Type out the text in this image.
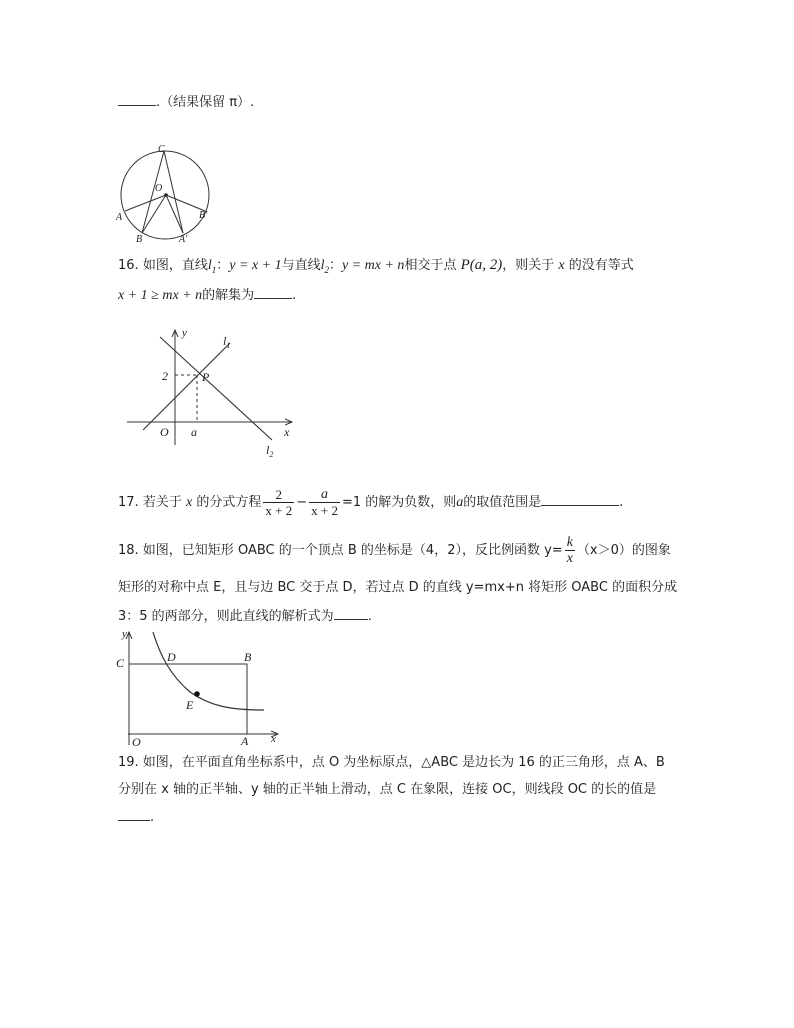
.（结果保留 π）.
C
O
A
B	A′
B′
16. 如图，直线$l_1$：y = x + 1与直线$l_2$：y = mx + n相交于点 P(a, 2)，则关于 x 的没有等式
x + 1 ≥ mx + n的解集为	.
y
$l_1$
2	P
O a	x
$l_2$
17. 若关于 x 的分式方程 $\frac{2}{x + 2} - \frac{a}{x + 2} =1$ 的解为负数，则a的取值范围是	.
18. 如图，已知矩形 OABC 的一个顶点 B 的坐标是（4，2），反比例函数 $y= \frac{k}{x} (x>0)$的图象
矩形的对称中点 E，且与边 BC 交于点 D，若过点 D 的直线 y=mx+n 将矩形 OABC 的面积分成
3：5 的两部分，则此直线的解析式为	.
y
C	D	B
E
O	A x
19. 如图，在平面直角坐标系中，点 O 为坐标原点，△ABC 是边长为 16 的正三角形，点 A、B
分别在 x 轴的正半轴、y 轴的正半轴上滑动，点 C 在象限，连接 OC，则线段 OC 的长的值是
.
